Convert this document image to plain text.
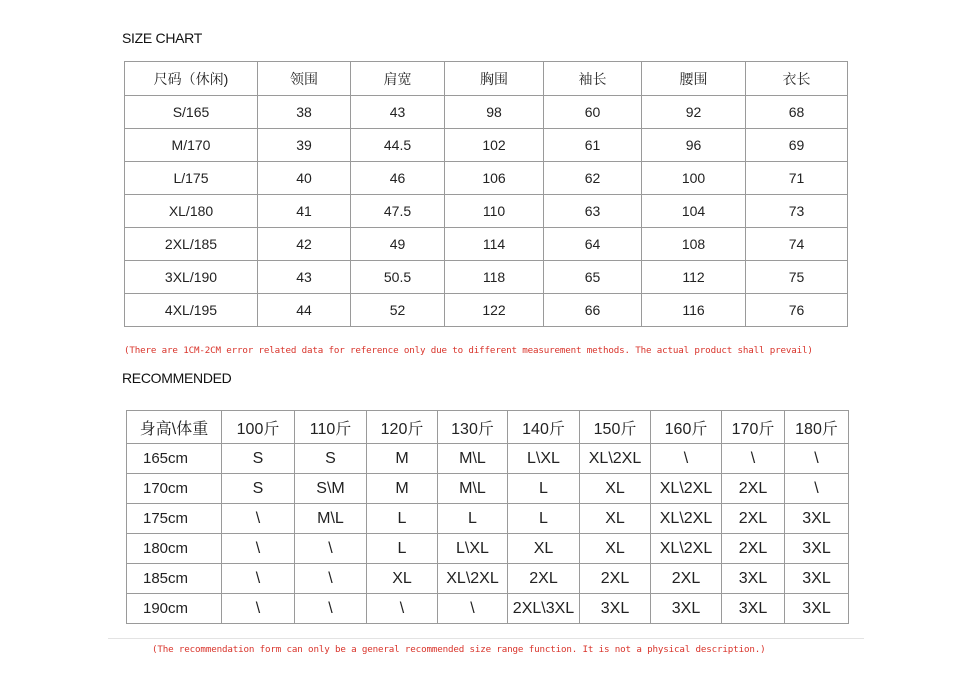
SIZE CHART
尺码（休闲)	领围	肩宽	胸围	袖长	腰围	衣长
S/165	38	43	98	60	92	68
M/170	39	44.5	102	61	96	69
L/175	40	46	106	62	100	71
XL/180	41	47.5	110	63	104	73
2XL/185	42	49	114	64	108	74
3XL/190	43	50.5	118	65	112	75
4XL/195	44	52	122	66	116	76
(There are 1CM-2CM error related data for reference only due to different measurement methods. The actual product shall prevail)
RECOMMENDED
身高\体重	100斤	110斤	120斤	130斤	140斤	150斤	160斤	170斤	180斤
165cm	S	S	M	M\L	L\XL	XL\2XL	\	\	\
170cm	S	S\M	M	M\L	L	XL	XL\2XL	2XL	\
175cm	\	M\L	L	L	L	XL	XL\2XL	2XL	3XL
180cm	\	\	L	L\XL	XL	XL	XL\2XL	2XL	3XL
185cm	\	\	XL	XL\2XL	2XL	2XL	2XL	3XL	3XL
190cm	\	\	\	\	2XL\3XL	3XL	3XL	3XL	3XL
(The recommendation form can only be a general recommended size range function. It is not a physical description.)
